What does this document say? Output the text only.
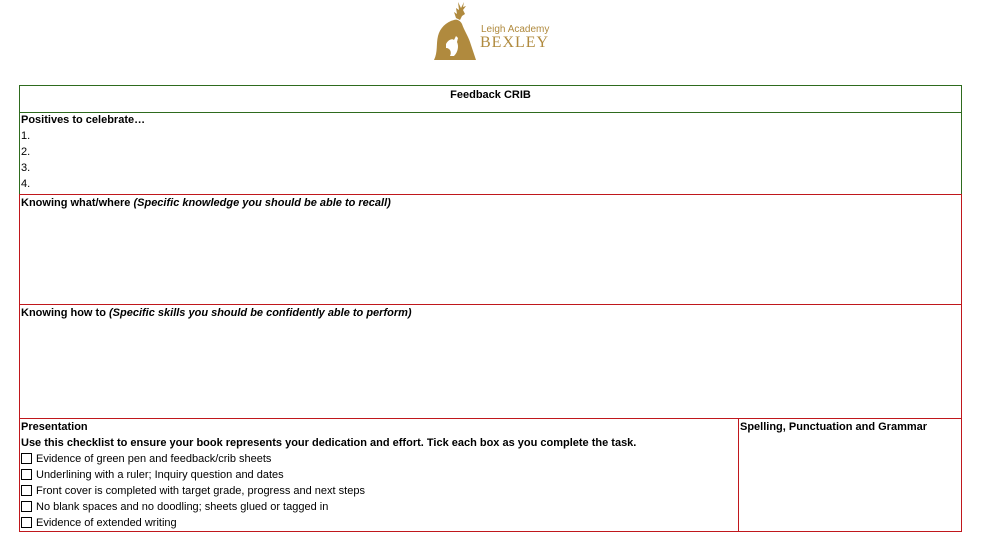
Leigh Academy
BEXLEY
Feedback CRIB
Positives to celebrate…
1.
2.
3.
4.
Knowing what/where (Specific knowledge you should be able to recall)
Knowing how to (Specific skills you should be confidently able to perform)
Presentation
Use this checklist to ensure your book represents your dedication and effort. Tick each box as you complete the task.
Evidence of green pen and feedback/crib sheets
Underlining with a ruler; Inquiry question and dates
Front cover is completed with target grade, progress and next steps
No blank spaces and no doodling; sheets glued or tagged in
Evidence of extended writing
Spelling, Punctuation and Grammar
